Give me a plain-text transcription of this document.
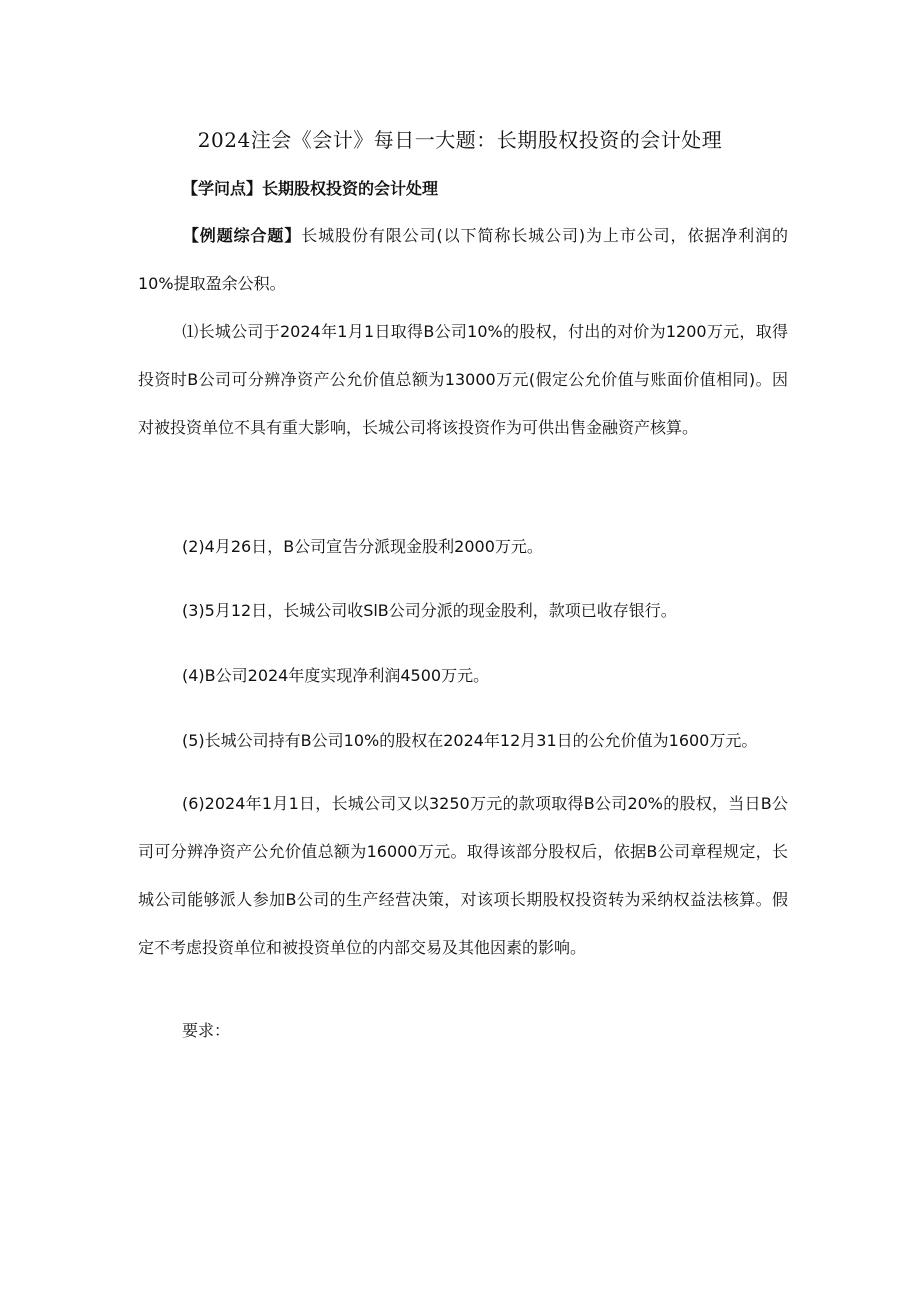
2024注会《会计》每日一大题：长期股权投资的会计处理
【学问点】长期股权投资的会计处理
【例题综合题】长城股份有限公司(以下简称长城公司)为上市公司，依据净利润的10%提取盈余公积。
⑴长城公司于2024年1月1日取得B公司10%的股权，付出的对价为1200万元，取得投资时B公司可分辨净资产公允价值总额为13000万元(假定公允价值与账面价值相同)。因对被投资单位不具有重大影响，长城公司将该投资作为可供出售金融资产核算。
(2)4月26日，B公司宣告分派现金股利2000万元。
(3)5月12日，长城公司收SlB公司分派的现金股利，款项已收存银行。
(4)B公司2024年度实现净利润4500万元。
(5)长城公司持有B公司10%的股权在2024年12月31日的公允价值为1600万元。
(6)2024年1月1日，长城公司又以3250万元的款项取得B公司20%的股权，当日B公司可分辨净资产公允价值总额为16000万元。取得该部分股权后，依据B公司章程规定，长城公司能够派人参加B公司的生产经营决策，对该项长期股权投资转为采纳权益法核算。假定不考虑投资单位和被投资单位的内部交易及其他因素的影响。
要求：
